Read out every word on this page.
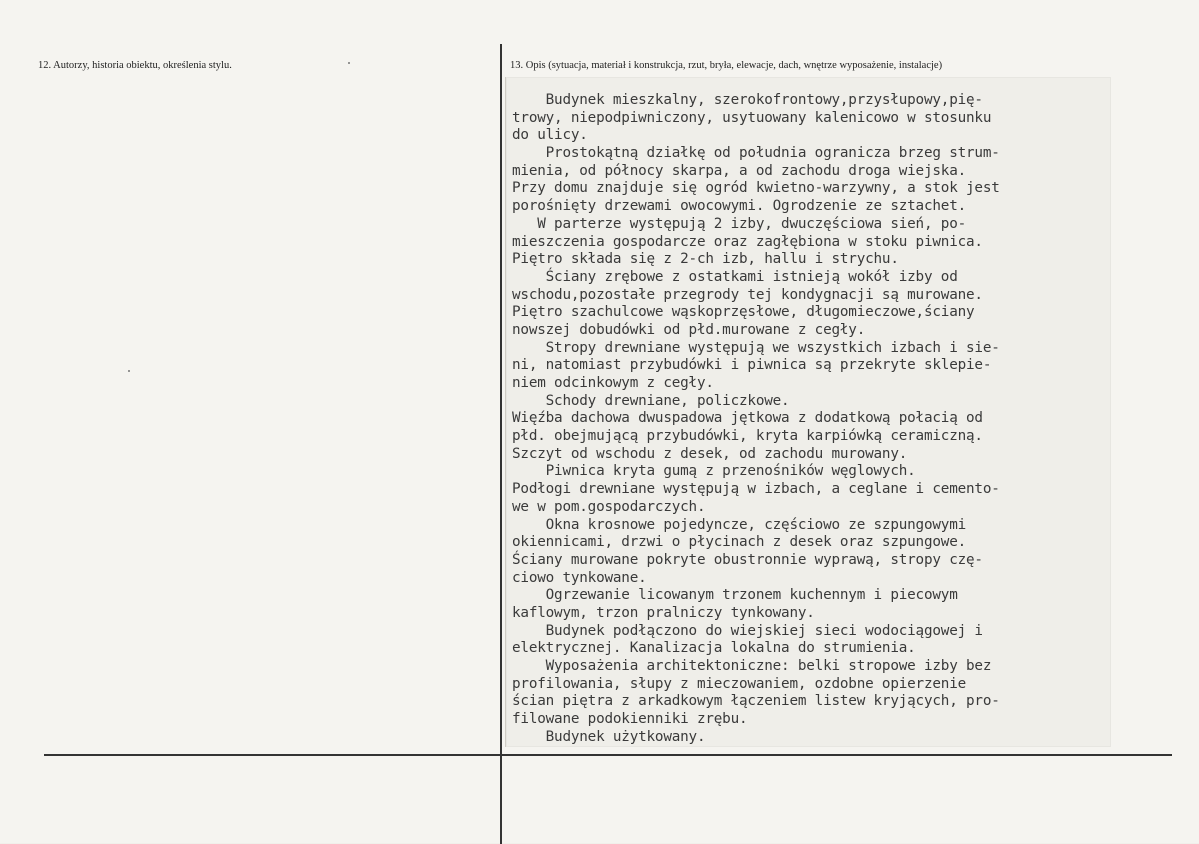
12. Autorzy, historia obiektu, określenia stylu.	13. Opis (sytuacja, materiał i konstrukcja, rzut, bryła, elewacje, dach, wnętrze wyposażenie, instalacje)
Budynek mieszkalny, szerokofrontowy,przysłupowy,pię-
trowy, niepodpiwniczony, usytuowany kalenicowo w stosunku
do ulicy.
Prostokątną działkę od południa ogranicza brzeg strum-
mienia, od północy skarpa, a od zachodu droga wiejska.
Przy domu znajduje się ogród kwietno-warzywny, a stok jest
porośnięty drzewami owocowymi. Ogrodzenie ze sztachet.
W parterze występują 2 izby, dwuczęściowa sień, po-
mieszczenia gospodarcze oraz zagłębiona w stoku piwnica.
Piętro składa się z 2-ch izb, hallu i strychu.
Ściany zrębowe z ostatkami istnieją wokół izby od
wschodu,pozostałe przegrody tej kondygnacji są murowane.
Piętro szachulcowe wąskoprzęsłowe, długomieczowe,ściany
nowszej dobudówki od płd.murowane z cegły.
Stropy drewniane występują we wszystkich izbach i sie-
ni, natomiast przybudówki i piwnica są przekryte sklepie-
niem odcinkowym z cegły.
Schody drewniane, policzkowe.
Więźba dachowa dwuspadowa jętkowa z dodatkową połacią od
płd. obejmującą przybudówki, kryta karpiówką ceramiczną.
Szczyt od wschodu z desek, od zachodu murowany.
Piwnica kryta gumą z przenośników węglowych.
Podłogi drewniane występują w izbach, a ceglane i cemento-
we w pom.gospodarczych.
Okna krosnowe pojedyncze, częściowo ze szpungowymi
okiennicami, drzwi o płycinach z desek oraz szpungowe.
Ściany murowane pokryte obustronnie wyprawą, stropy czę-
ciowo tynkowane.
Ogrzewanie licowanym trzonem kuchennym i piecowym
kaflowym, trzon pralniczy tynkowany.
Budynek podłączono do wiejskiej sieci wodociągowej i
elektrycznej. Kanalizacja lokalna do strumienia.
Wyposażenia architektoniczne: belki stropowe izby bez
profilowania, słupy z mieczowaniem, ozdobne opierzenie
ścian piętra z arkadkowym łączeniem listew kryjących, pro-
filowane podokienniki zrębu.
Budynek użytkowany.
